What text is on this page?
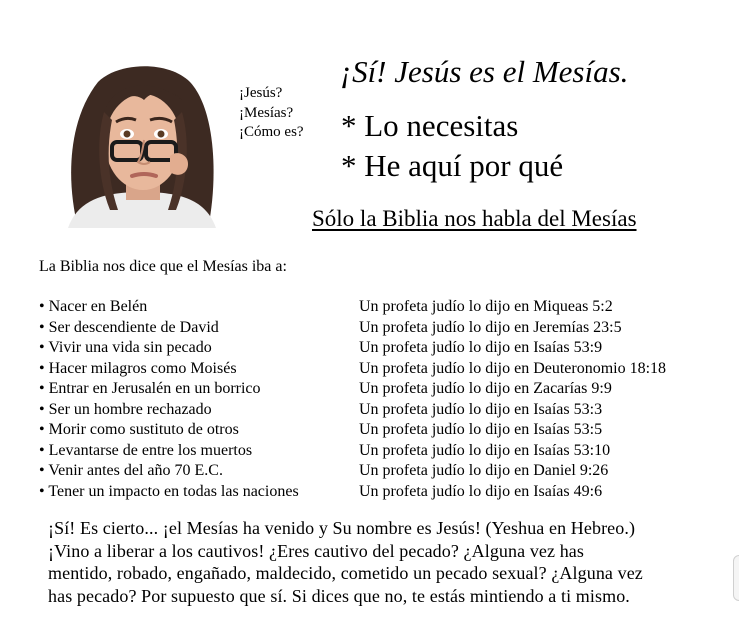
¡Jesús?
¡Mesías?
¡Cómo es?
¡Sí! Jesús es el Mesías.
* Lo necesitas
* He aquí por qué
Sólo la Biblia nos habla del Mesías
La Biblia nos dice que el Mesías iba a:
• Nacer en Belén	Un profeta judío lo dijo en Miqueas 5:2
• Ser descendiente de David	Un profeta judío lo dijo en Jeremías 23:5
• Vivir una vida sin pecado	Un profeta judío lo dijo en Isaías 53:9
• Hacer milagros como Moisés	Un profeta judío lo dijo en Deuteronomio 18:18
• Entrar en Jerusalén en un borrico	Un profeta judío lo dijo en Zacarías 9:9
• Ser un hombre rechazado	Un profeta judío lo dijo en Isaías 53:3
• Morir como sustituto de otros	Un profeta judío lo dijo en Isaías 53:5
• Levantarse de entre los muertos	Un profeta judío lo dijo en Isaías 53:10
• Venir antes del año 70 E.C.	Un profeta judío lo dijo en Daniel 9:26
• Tener un impacto en todas las naciones	Un profeta judío lo dijo en Isaías 49:6
¡Sí! Es cierto... ¡el Mesías ha venido y Su nombre es Jesús! (Yeshua en Hebreo.)
¡Vino a liberar a los cautivos! ¿Eres cautivo del pecado? ¿Alguna vez has
mentido, robado, engañado, maldecido, cometido un pecado sexual? ¿Alguna vez
has pecado? Por supuesto que sí. Si dices que no, te estás mintiendo a ti mismo.
